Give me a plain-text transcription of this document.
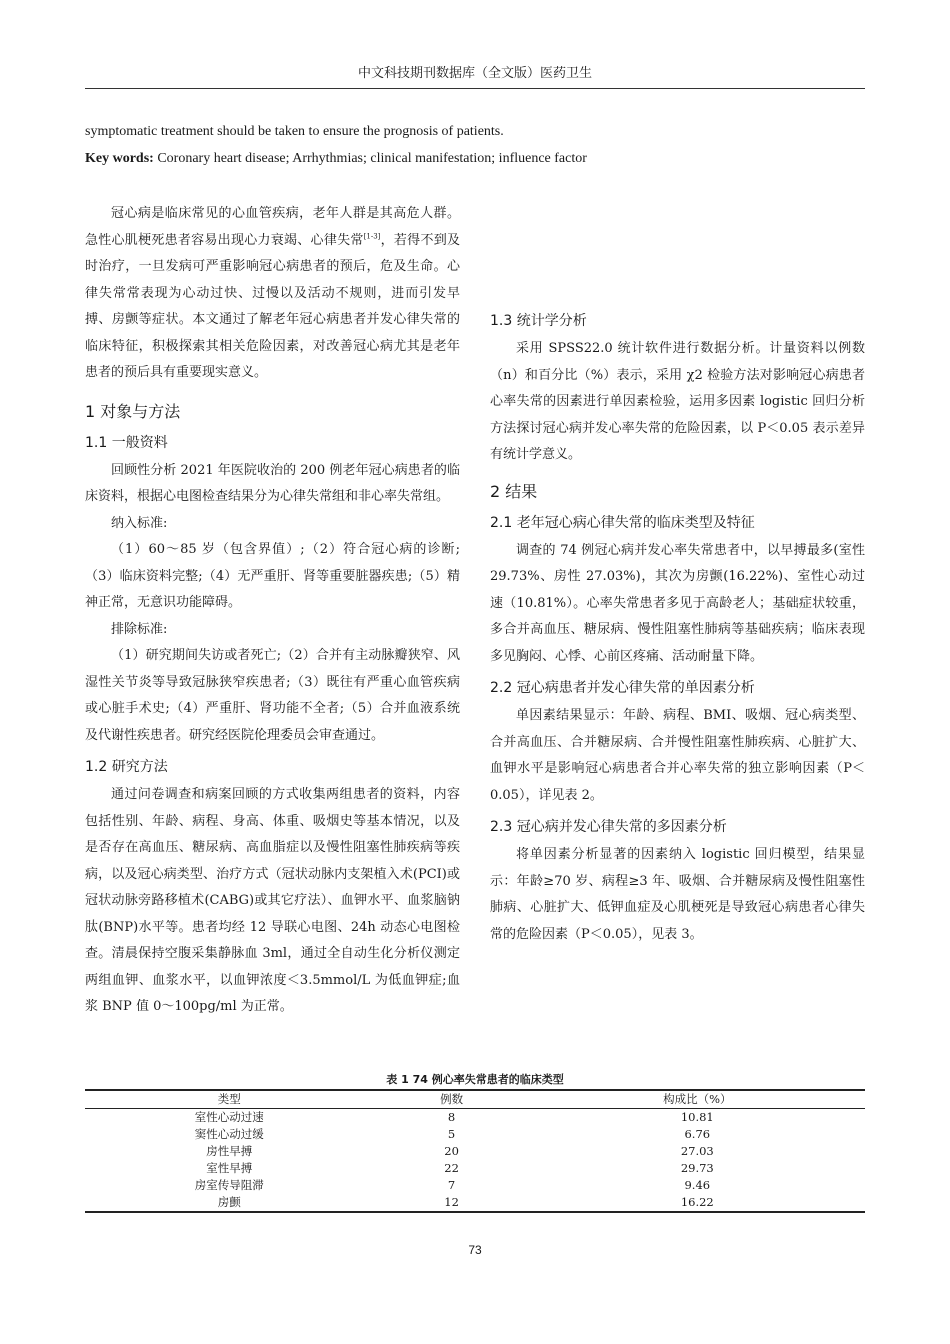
中文科技期刊数据库（全文版）医药卫生
symptomatic treatment should be taken to ensure the prognosis of patients.
Key words: Coronary heart disease; Arrhythmias; clinical manifestation; influence factor

冠心病是临床常见的心血管疾病，老年人群是其高危人群。急性心肌梗死患者容易出现心力衰竭、心律失常[1-3]，若得不到及时治疗，一旦发病可严重影响冠心病患者的预后，危及生命。心律失常常表现为心动过快、过慢以及活动不规则，进而引发早搏、房颤等症状。本文通过了解老年冠心病患者并发心律失常的临床特征，积极探索其相关危险因素，对改善冠心病尤其是老年患者的预后具有重要现实意义。

1 对象与方法
1.1 一般资料

回顾性分析 2021 年医院收治的 200 例老年冠心病患者的临床资料，根据心电图检查结果分为心律失常组和非心率失常组。

纳入标准:

（1）60～85 岁（包含界值）;（2）符合冠心病的诊断;（3）临床资料完整;（4）无严重肝、肾等重要脏器疾患;（5）精神正常，无意识功能障碍。

排除标准:

（1）研究期间失访或者死亡;（2）合并有主动脉瓣狭窄、风湿性关节炎等导致冠脉狭窄疾患者;（3）既往有严重心血管疾病或心脏手术史;（4）严重肝、肾功能不全者;（5）合并血液系统及代谢性疾患者。研究经医院伦理委员会审查通过。

1.2 研究方法

通过问卷调查和病案回顾的方式收集两组患者的资料，内容包括性别、年龄、病程、身高、体重、吸烟史等基本情况，以及是否存在高血压、糖尿病、高血脂症以及慢性阻塞性肺疾病等疾病，以及冠心病类型、治疗方式（冠状动脉内支架植入术(PCI)或冠状动脉旁路移植术(CABG)或其它疗法）、血钾水平、血浆脑钠肽(BNP)水平等。患者均经 12 导联心电图、24h 动态心电图检查。清晨保持空腹采集静脉血 3ml，通过全自动生化分析仪测定两组血钾、血浆水平，以血钾浓度＜3.5mmol/L 为低血钾症;血浆 BNP 值 0～100pg/ml 为正常。

1.3 统计学分析

采用 SPSS22.0 统计软件进行数据分析。计量资料以例数（n）和百分比（%）表示，采用 χ2 检验方法对影响冠心病患者心率失常的因素进行单因素检验，运用多因素 logistic 回归分析方法探讨冠心病并发心率失常的危险因素，以 P＜0.05 表示差异有统计学意义。

2 结果
2.1 老年冠心病心律失常的临床类型及特征

调查的 74 例冠心病并发心率失常患者中，以早搏最多(室性 29.73%、房性 27.03%)，其次为房颤(16.22%)、室性心动过速（10.81%）。心率失常患者多见于高龄老人；基础症状较重，多合并高血压、糖尿病、慢性阻塞性肺病等基础疾病；临床表现多见胸闷、心悸、心前区疼痛、活动耐量下降。

2.2 冠心病患者并发心律失常的单因素分析

单因素结果显示：年龄、病程、BMI、吸烟、冠心病类型、合并高血压、合并糖尿病、合并慢性阻塞性肺疾病、心脏扩大、血钾水平是影响冠心病患者合并心率失常的独立影响因素（P＜0.05），详见表 2。

2.3 冠心病并发心律失常的多因素分析

将单因素分析显著的因素纳入 logistic 回归模型，结果显示：年龄≥70 岁、病程≥3 年、吸烟、合并糖尿病及慢性阻塞性肺病、心脏扩大、低钾血症及心肌梗死是导致冠心病患者心律失常的危险因素（P＜0.05），见表 3。

表 1 74 例心率失常患者的临床类型
类型	例数	构成比（%）
室性心动过速	8	10.81
窦性心动过缓	5	6.76
房性早搏	20	27.03
室性早搏	22	29.73
房室传导阻滞	7	9.46
房颤	12	16.22
73
